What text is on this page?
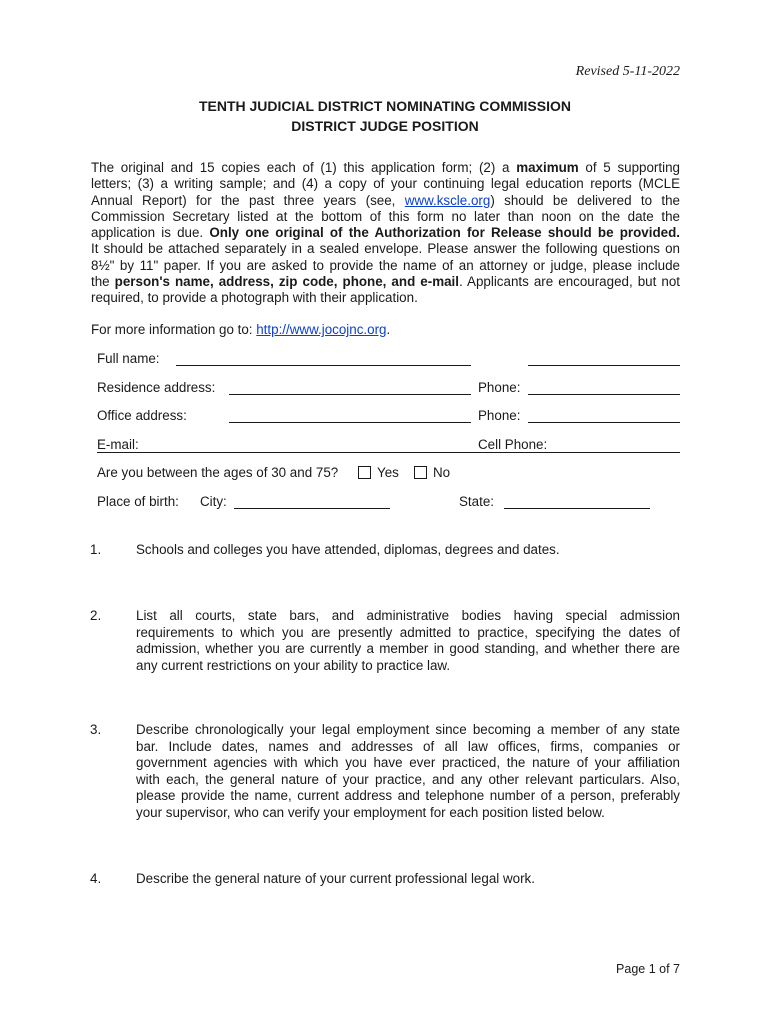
Revised 5-11-2022
TENTH JUDICIAL DISTRICT NOMINATING COMMISSION
DISTRICT JUDGE POSITION
The original and 15 copies each of (1) this application form; (2) a maximum of 5 supporting
letters; (3) a writing sample; and (4) a copy of your continuing legal education reports (MCLE
Annual Report) for the past three years (see, www.kscle.org) should be delivered to the
Commission Secretary listed at the bottom of this form no later than noon on the date the
application is due. Only one original of the Authorization for Release should be provided.
It should be attached separately in a sealed envelope. Please answer the following questions on
8½" by 11" paper. If you are asked to provide the name of an attorney or judge, please include
the person's name, address, zip code, phone, and e-mail. Applicants are encouraged, but not
required, to provide a photograph with their application.
For more information go to: http://www.jocojnc.org.
Full name:
Residence address:	Phone:
Office address:	Phone:
E-mail:	Cell Phone:
Are you between the ages of 30 and 75?	Yes	No
Place of birth: City:	State:
1.	Schools and colleges you have attended, diplomas, degrees and dates.
2.	List all courts, state bars, and administrative bodies having special admission
requirements to which you are presently admitted to practice, specifying the dates of
admission, whether you are currently a member in good standing, and whether there are
any current restrictions on your ability to practice law.
3.	Describe chronologically your legal employment since becoming a member of any state
bar. Include dates, names and addresses of all law offices, firms, companies or
government agencies with which you have ever practiced, the nature of your affiliation
with each, the general nature of your practice, and any other relevant particulars. Also,
please provide the name, current address and telephone number of a person, preferably
your supervisor, who can verify your employment for each position listed below.
4.	Describe the general nature of your current professional legal work.
Page 1 of 7
